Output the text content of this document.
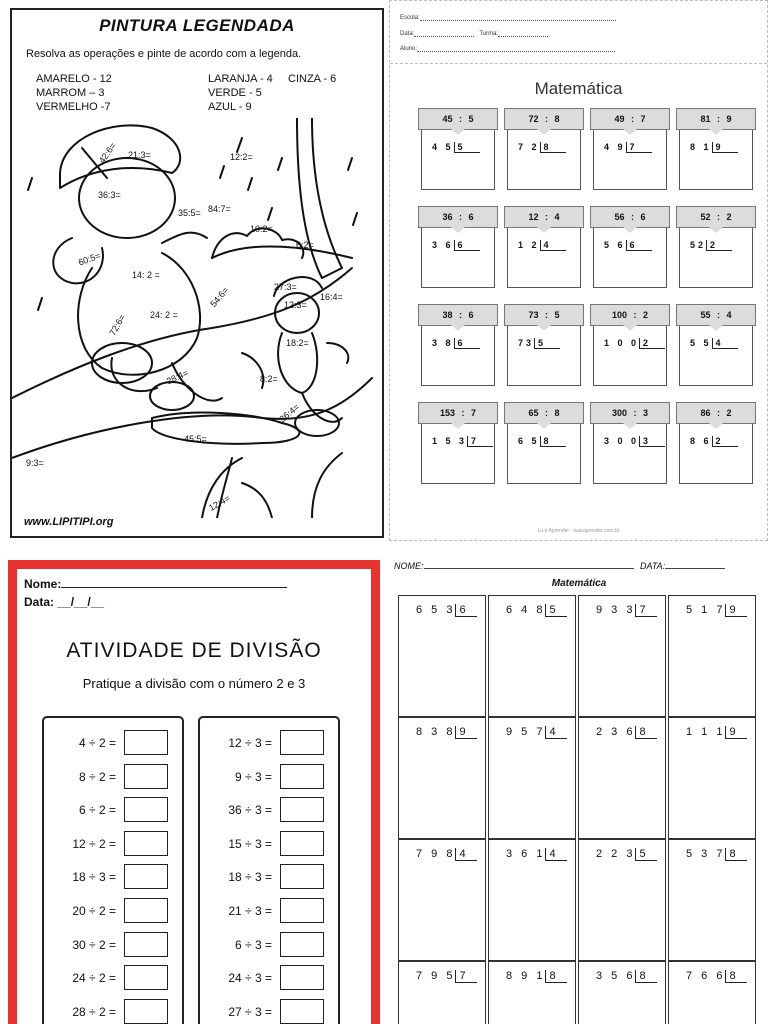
PINTURA LEGENDADA
Resolva as operações e pinte de acordo com a legenda.
AMARELO - 12
MARROM – 3
VERMELHO -7
LARANJA - 4
VERDE - 5
AZUL - 9
CINZA - 6
42:6= 21:3=
36:3=
35:5= 84:7=
12:2=
10:2=
6:2=
60:5=
14: 2 =
24: 2 =
72:6=
54:6=	27:3=
16:4=
12:3=
18:2=
28:4=	8:2=
36:4=
45:5=
9:3=
12:4=
www.LIPITIPI.org
Escola:
Data:	Turma:
Aluno:
Matemática
45 : 5
4 5 5
72 : 8
7 2 8
49 : 7
4 9 7
81 : 9
8 1 9
36 : 6
3 6 6
12 : 4
1 2 4
56 : 6
5 6 6
52 : 2
52 2
38 : 6
3 8 6
73 : 5
73 5
100 : 2
1 0 0 2
55 : 4
5 5 4
153 : 7
1 5 3 7
65 : 8
6 5 8
300 : 3
3 0 0 3
86 : 2
8 6 2
Lu e Aprender - luaeaprender.com.br
Nome:
Data: __/__/__
ATIVIDADE DE DIVISÃO
Pratique a divisão com o número 2 e 3
4 ÷ 2 =
8 ÷ 2 =
6 ÷ 2 =
12 ÷ 2 =
18 ÷ 3 =
20 ÷ 2 =
30 ÷ 2 =
24 ÷ 2 =
28 ÷ 2 =
12 ÷ 3 =
9 ÷ 3 =
36 ÷ 3 =
15 ÷ 3 =
18 ÷ 3 =
21 ÷ 3 =
6 ÷ 3 =
24 ÷ 3 =
27 ÷ 3 =
NOME:	DATA:
Matemática
6 5 3 6	6 4 8 5	9 3 3 7	5 1 7 9
8 3 8 9	9 5 7 4	2 3 6 8	1 1 1 9
7 9 8 4	3 6 1 4	2 2 3 5	5 3 7 8
7 9 5 7	8 9 1 8	3 5 6 8	7 6 6 8
